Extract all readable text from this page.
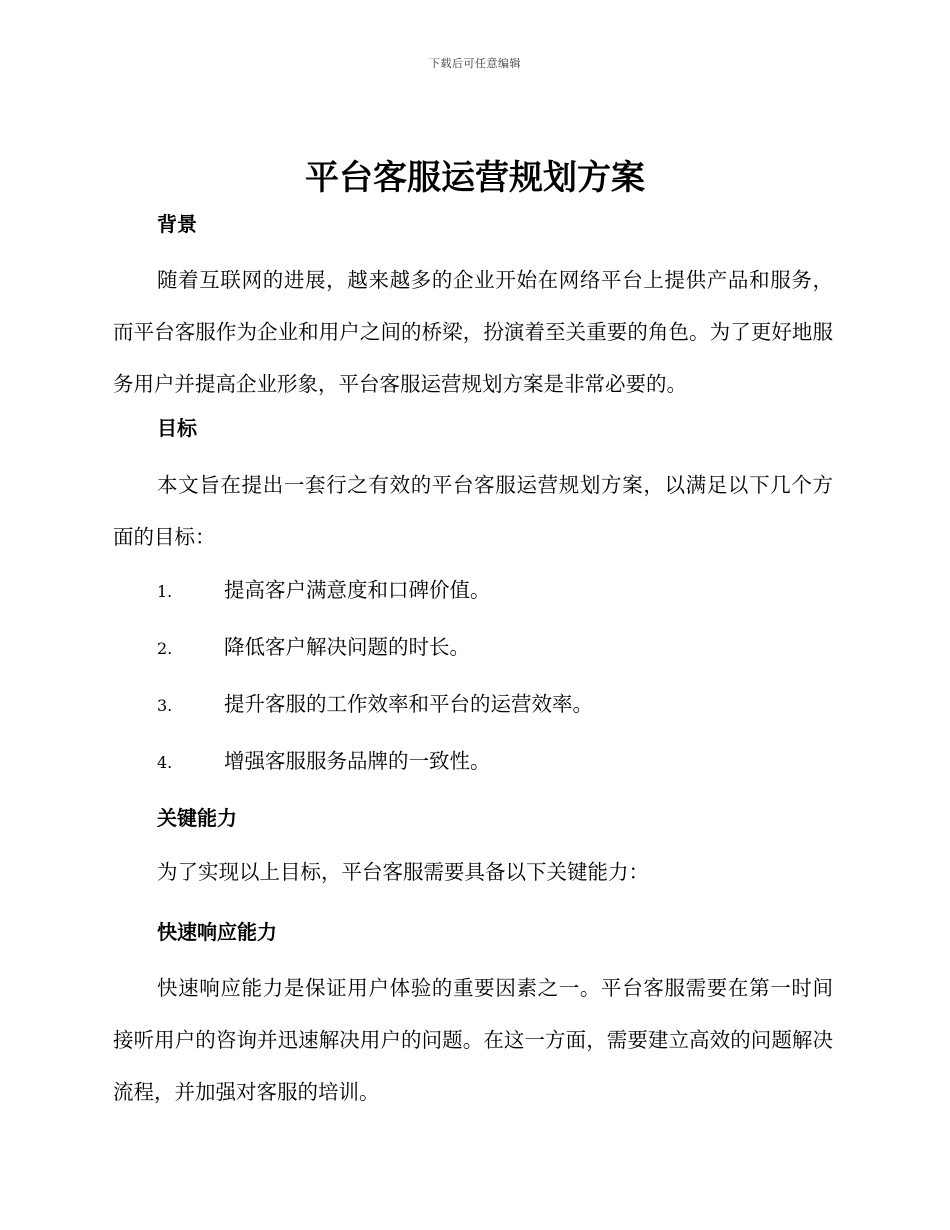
下载后可任意编辑
平台客服运营规划方案
背景
随着互联网的进展，越来越多的企业开始在网络平台上提供产品和服务，而平台客服作为企业和用户之间的桥梁，扮演着至关重要的角色。为了更好地服务用户并提高企业形象，平台客服运营规划方案是非常必要的。
目标
本文旨在提出一套行之有效的平台客服运营规划方案，以满足以下几个方面的目标：
1.	提高客户满意度和口碑价值。
2.	降低客户解决问题的时长。
3.	提升客服的工作效率和平台的运营效率。
4.	增强客服服务品牌的一致性。
关键能力
为了实现以上目标，平台客服需要具备以下关键能力：
快速响应能力
快速响应能力是保证用户体验的重要因素之一。平台客服需要在第一时间接听用户的咨询并迅速解决用户的问题。在这一方面，需要建立高效的问题解决流程，并加强对客服的培训。
